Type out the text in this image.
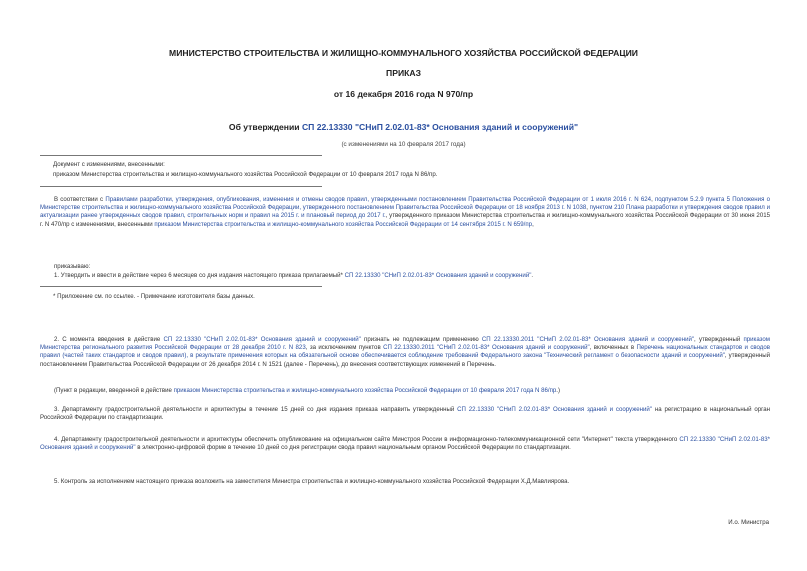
МИНИСТЕРСТВО СТРОИТЕЛЬСТВА И ЖИЛИЩНО-КОММУНАЛЬНОГО ХОЗЯЙСТВА РОССИЙСКОЙ ФЕДЕРАЦИИ
ПРИКАЗ
от 16 декабря 2016 года N 970/пр
Об утверждении СП 22.13330 "СНиП 2.02.01-83* Основания зданий и сооружений"
(с изменениями на 10 февраля 2017 года)
Документ с изменениями, внесенными:
приказом Министерства строительства и жилищно-коммунального хозяйства Российской Федерации от 10 февраля 2017 года N 86/пр.

В соответствии с Правилами разработки, утверждения, опубликования, изменения и отмены сводов правил, утвержденными постановлением Правительства Российской Федерации от 1 июля 2016 г. N 624, подпунктом 5.2.9 пункта 5 Положения о Министерстве строительства и жилищно-коммунального хозяйства Российской Федерации, утвержденного постановлением Правительства Российской Федерации от 18 ноября 2013 г. N 1038, пунктом 210 Плана разработки и утверждения сводов правил и актуализации ранее утвержденных сводов правил, строительных норм и правил на 2015 г. и плановый период до 2017 г., утвержденного приказом Министерства строительства и жилищно-коммунального хозяйства Российской Федерации от 30 июня 2015 г. N 470/пр с изменениями, внесенными приказом Министерства строительства и жилищно-коммунального хозяйства Российской Федерации от 14 сентября 2015 г. N 659/пр,

приказываю:

1. Утвердить и ввести в действие через 6 месяцев со дня издания настоящего приказа прилагаемый* СП 22.13330 "СНиП 2.02.01-83* Основания зданий и сооружений".

* Приложение см. по ссылке. - Примечание изготовителя базы данных.

2. С момента введения в действие СП 22.13330 "СНиП 2.02.01-83* Основания зданий и сооружений" признать не подлежащим применению СП 22.13330.2011 "СНиП 2.02.01-83* Основания зданий и сооружений", утвержденный приказом Министерства регионального развития Российской Федерации от 28 декабря 2010 г. N 823, за исключением пунктов СП 22.13330.2011 "СНиП 2.02.01-83* Основания зданий и сооружений", включенных в Перечень национальных стандартов и сводов правил (частей таких стандартов и сводов правил), в результате применения которых на обязательной основе обеспечивается соблюдение требований Федерального закона "Технический регламент о безопасности зданий и сооружений", утвержденный постановлением Правительства Российской Федерации от 26 декабря 2014 г. N 1521 (далее - Перечень), до внесения соответствующих изменений в Перечень.

(Пункт в редакции, введенной в действие приказом Министерства строительства и жилищно-коммунального хозяйства Российской Федерации от 10 февраля 2017 года N 86/пр.)

3. Департаменту градостроительной деятельности и архитектуры в течение 15 дней со дня издания приказа направить утвержденный СП 22.13330 "СНиП 2.02.01-83* Основания зданий и сооружений" на регистрацию в национальный орган Российской Федерации по стандартизации.

4. Департаменту градостроительной деятельности и архитектуры обеспечить опубликование на официальном сайте Минстроя России в информационно-телекоммуникационной сети "Интернет" текста утвержденного СП 22.13330 "СНиП 2.02.01-83* Основания зданий и сооружений" в электронно-цифровой форме в течение 10 дней со дня регистрации свода правил национальным органом Российской Федерации по стандартизации.

5. Контроль за исполнением настоящего приказа возложить на заместителя Министра строительства и жилищно-коммунального хозяйства Российской Федерации Х.Д.Мавлиярова.
И.о. Министра
